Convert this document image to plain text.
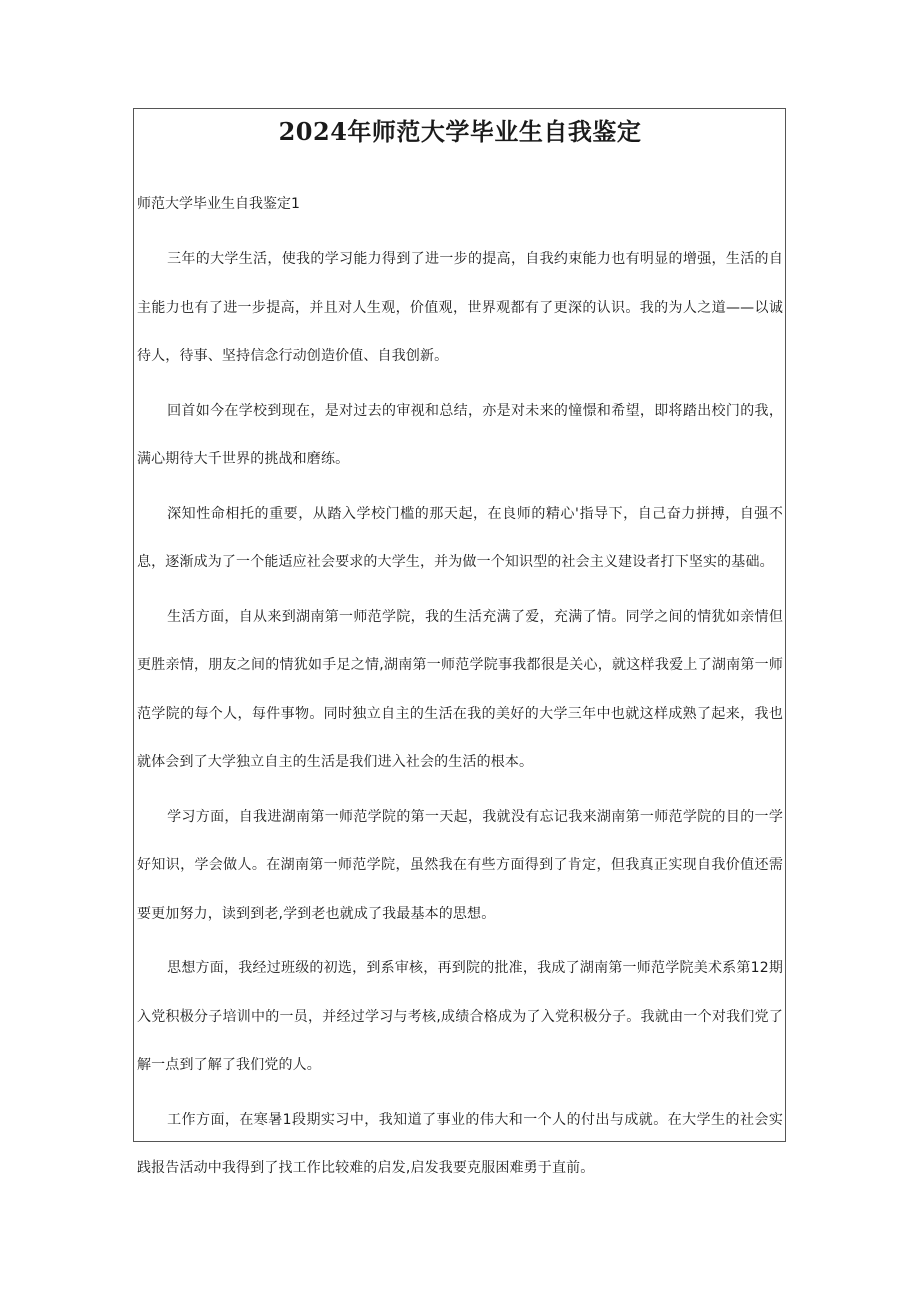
2024年师范大学毕业生自我鉴定

师范大学毕业生自我鉴定1

三年的大学生活，使我的学习能力得到了进一步的提高，自我约束能力也有明显的增强，生活的自主能力也有了进一步提高，并且对人生观，价值观，世界观都有了更深的认识。我的为人之道——以诚待人，待事、坚持信念行动创造价值、自我创新。

回首如今在学校到现在，是对过去的审视和总结，亦是对未来的憧憬和希望，即将踏出校门的我，满心期待大千世界的挑战和磨练。

深知性命相托的重要，从踏入学校门槛的那天起，在良师的精心'指导下，自己奋力拼搏，自强不息，逐渐成为了一个能适应社会要求的大学生，并为做一个知识型的社会主义建设者打下坚实的基础。

生活方面，自从来到湖南第一师范学院，我的生活充满了爱，充满了情。同学之间的情犹如亲情但更胜亲情，朋友之间的情犹如手足之情,湖南第一师范学院事我都很是关心，就这样我爱上了湖南第一师范学院的每个人，每件事物。同时独立自主的生活在我的美好的大学三年中也就这样成熟了起来，我也就体会到了大学独立自主的生活是我们进入社会的生活的根本。

学习方面，自我进湖南第一师范学院的第一天起，我就没有忘记我来湖南第一师范学院的目的一学好知识，学会做人。在湖南第一师范学院，虽然我在有些方面得到了肯定，但我真正实现自我价值还需要更加努力，读到到老,学到老也就成了我最基本的思想。

思想方面，我经过班级的初选，到系审核，再到院的批准，我成了湖南第一师范学院美术系第12期入党积极分子培训中的一员，并经过学习与考核,成绩合格成为了入党积极分子。我就由一个对我们党了解一点到了解了我们党的人。

工作方面，在寒暑1段期实习中，我知道了事业的伟大和一个人的付出与成就。在大学生的社会实践报告活动中我得到了找工作比较难的启发,启发我要克服困难勇于直前。
